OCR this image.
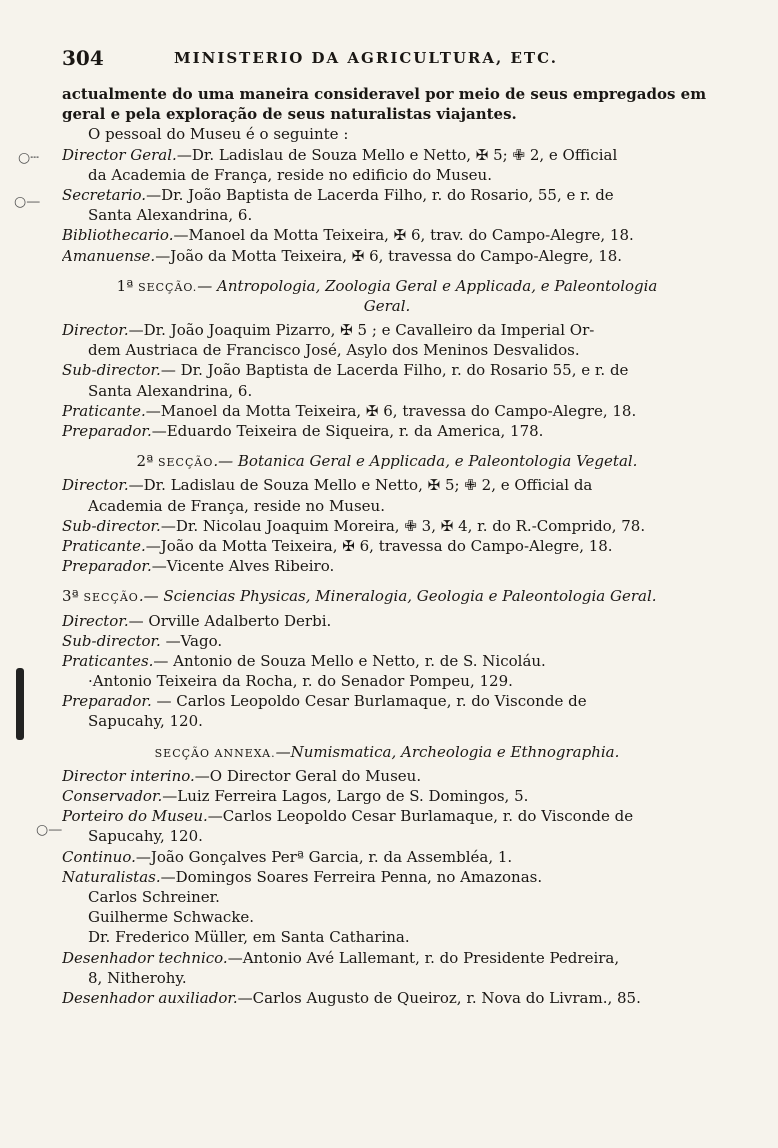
304	MINISTERIO DA AGRICULTURA, ETC.
○┄
○—
○—
actualmente do uma maneira consideravel por meio de seus empregados em
geral e pela exploração de seus naturalistas viajantes.
O pessoal do Museu é o seguinte :
Director Geral.—Dr. Ladislau de Souza Mello e Netto, ✠ 5; ✙ 2, e Official
da Academia de França, reside no edificio do Museu.
Secretario.—Dr. João Baptista de Lacerda Filho, r. do Rosario, 55, e r. de
Santa Alexandrina, 6.
Bibliothecario.—Manoel da Motta Teixeira, ✠ 6, trav. do Campo-Alegre, 18.
Amanuense.—João da Motta Teixeira, ✠ 6, travessa do Campo-Alegre, 18.
1ª SECÇÃO.— Antropologia, Zoologia Geral e Applicada, e Paleontologia
Geral.
Director.—Dr. João Joaquim Pizarro, ✠ 5 ; e Cavalleiro da Imperial Or-
dem Austriaca de Francisco José, Asylo dos Meninos Desvalidos.
Sub-director.— Dr. João Baptista de Lacerda Filho, r. do Rosario 55, e r. de
Santa Alexandrina, 6.
Praticante.—Manoel da Motta Teixeira, ✠ 6, travessa do Campo-Alegre, 18.
Preparador.—Eduardo Teixeira de Siqueira, r. da America, 178.
2ª SECÇÃO.— Botanica Geral e Applicada, e Paleontologia Vegetal.
Director.—Dr. Ladislau de Souza Mello e Netto, ✠ 5; ✙ 2, e Official da
Academia de França, reside no Museu.
Sub-director.—Dr. Nicolau Joaquim Moreira, ✙ 3, ✠ 4, r. do R.-Comprido, 78.
Praticante.—João da Motta Teixeira, ✠ 6, travessa do Campo-Alegre, 18.
Preparador.—Vicente Alves Ribeiro.
3ª SECÇÃO.— Sciencias Physicas, Mineralogia, Geologia e Paleontologia Geral.
Director.— Orville Adalberto Derbi.
Sub-director. —Vago.
Praticantes.— Antonio de Souza Mello e Netto, r. de S. Nicoláu.
·Antonio Teixeira da Rocha, r. do Senador Pompeu, 129.
Preparador. — Carlos Leopoldo Cesar Burlamaque, r. do Visconde de
Sapucahy, 120.
SECÇÃO ANNEXA.—Numismatica, Archeologia e Ethnographia.
Director interino.—O Director Geral do Museu.
Conservador.—Luiz Ferreira Lagos, Largo de S. Domingos, 5.
Porteiro do Museu.—Carlos Leopoldo Cesar Burlamaque, r. do Visconde de
Sapucahy, 120.
Continuo.—João Gonçalves Perª Garcia, r. da Assembléa, 1.
Naturalistas.—Domingos Soares Ferreira Penna, no Amazonas.
Carlos Schreiner.
Guilherme Schwacke.
Dr. Frederico Müller, em Santa Catharina.
Desenhador technico.—Antonio Avé Lallemant, r. do Presidente Pedreira,
8, Nitherohy.
Desenhador auxiliador.—Carlos Augusto de Queiroz, r. Nova do Livram., 85.
